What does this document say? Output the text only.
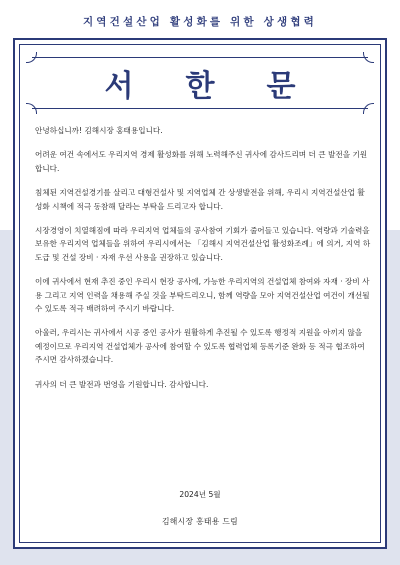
지역건설산업 활성화를 위한 상생협력
서한문

안녕하십니까! 김해시장 홍태용입니다.

어려운 여건 속에서도 우리지역 경제 활성화를 위해 노력해주신 귀사에 감사드리며 더 큰 발전을 기원합니다.

침체된 지역건설경기를 살리고 대형건설사 및 지역업체 간 상생발전을 위해, 우리시 지역건설산업 활성화 시책에 적극 동참해 달라는 부탁을 드리고자 합니다.

시장경영이 치열해짐에 따라 우리지역 업체들의 공사참여 기회가 줄어들고 있습니다. 역량과 기술력을 보유한 우리지역 업체들을 위하여 우리시에서는 「김해시 지역건설산업 활성화조례」에 의거, 지역 하도급 및 건설 장비 · 자재 우선 사용을 권장하고 있습니다.

이에 귀사에서 현재 추진 중인 우리시 현장 공사에, 가능한 우리지역의 건설업체 참여와 자재 · 장비 사용 그리고 지역 인력을 채용해 주실 것을 부탁드리오니, 함께 역량을 모아 지역건설산업 여건이 개선될 수 있도록 적극 배려하여 주시기 바랍니다.

아울러, 우리시는 귀사에서 시공 중인 공사가 원활하게 추진될 수 있도록 행정적 지원을 아끼지 않을 예정이므로 우리지역 건설업체가 공사에 참여할 수 있도록 협력업체 등록기준 완화 등 적극 협조하여 주시면 감사하겠습니다.

귀사의 더 큰 발전과 번영을 기원합니다. 감사합니다.

2024년 5월
김해시장 홍태용 드림
